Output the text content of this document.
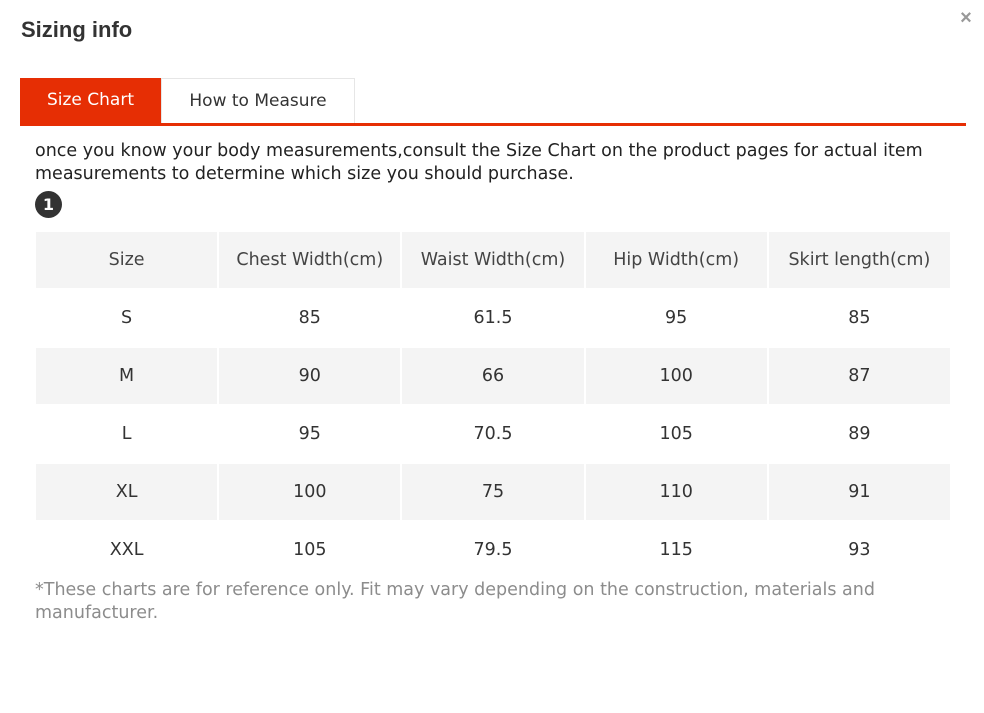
Sizing info	×
Size Chart	How to Measure
once you know your body measurements,consult the Size Chart on the product pages for actual item measurements to determine which size you should purchase.
1
Size	Chest Width(cm)	Waist Width(cm)	Hip Width(cm)	Skirt length(cm)
S	85	61.5	95	85
M	90	66	100	87
L	95	70.5	105	89
XL	100	75	110	91
XXL	105	79.5	115	93
*These charts are for reference only. Fit may vary depending on the construction, materials and manufacturer.
